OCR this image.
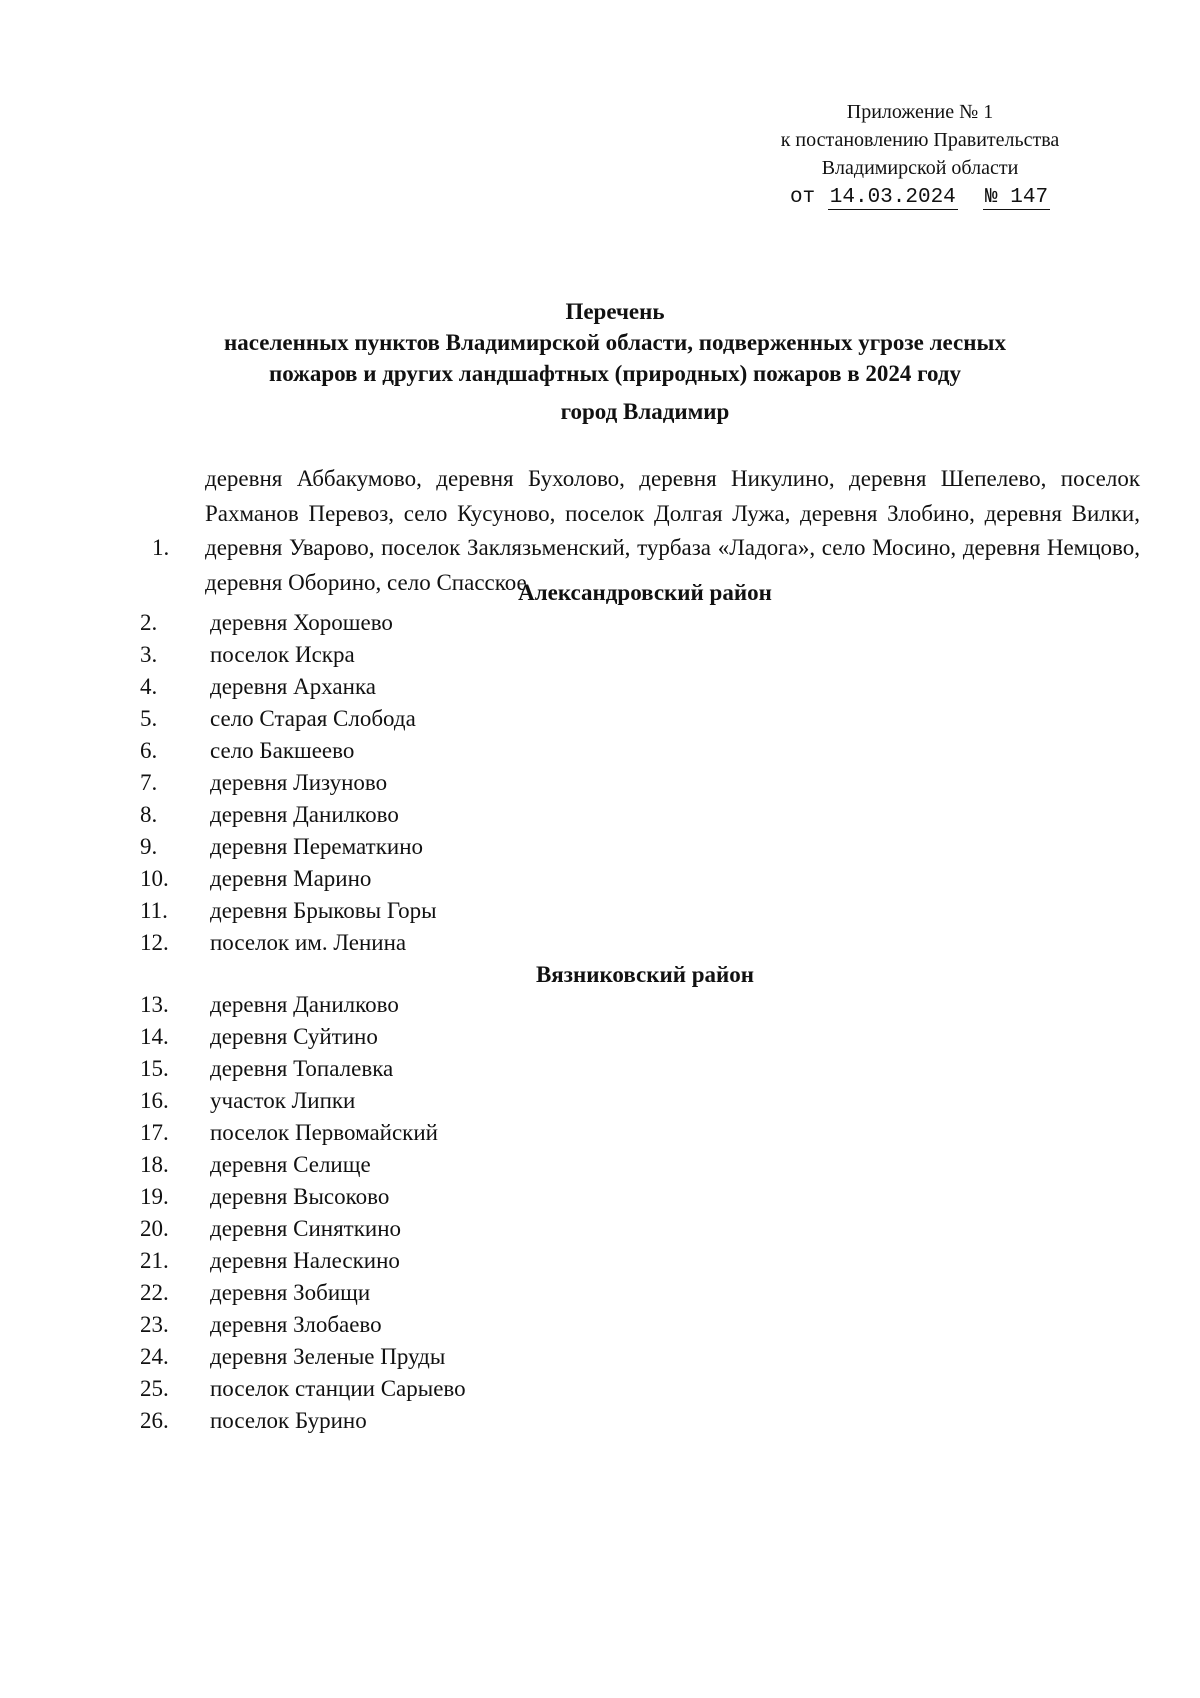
Приложение № 1
к постановлению Правительства
Владимирской области
от 14.03.2024 № 147
Перечень
населенных пунктов Владимирской области, подверженных угрозе лесных
пожаров и других ландшафтных (природных) пожаров в 2024 году
город Владимир
1.
деревня Аббакумово, деревня Бухолово, деревня Никулино, деревня Шепелево, поселок Рахманов Перевоз, село Кусуново, поселок Долгая Лужа, деревня Злобино, деревня Вилки, деревня Уварово, поселок Заклязьменский, турбаза «Ладога», село Мосино, деревня Немцово, деревня Оборино, село Спасское
Александровский район
2. деревня Хорошево
3. поселок Искра
4. деревня Арханка
5. село Старая Слобода
6. село Бакшеево
7. деревня Лизуново
8. деревня Данилково
9. деревня Перематкино
10. деревня Марино
11. деревня Брыковы Горы
12. поселок им. Ленина
Вязниковский район
13. деревня Данилково
14. деревня Суйтино
15. деревня Топалевка
16. участок Липки
17. поселок Первомайский
18. деревня Селище
19. деревня Высоково
20. деревня Синяткино
21. деревня Налескино
22. деревня Зобищи
23. деревня Злобаево
24. деревня Зеленые Пруды
25. поселок станции Сарыево
26. поселок Бурино
